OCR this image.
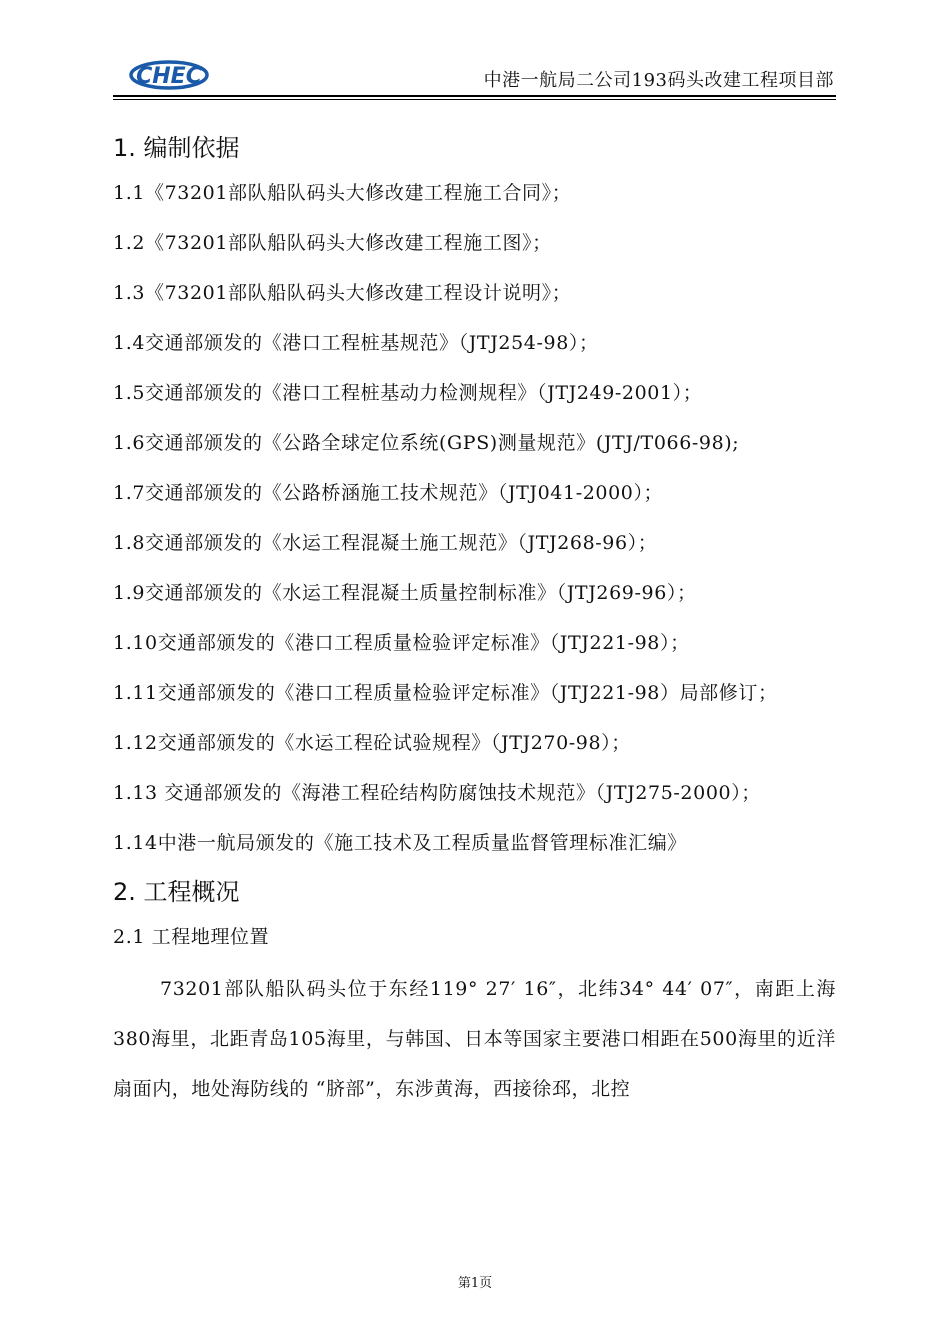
CHEC	中港一航局二公司193码头改建工程项目部
1. 编制依据
1.1《73201部队船队码头大修改建工程施工合同》；
1.2《73201部队船队码头大修改建工程施工图》；
1.3《73201部队船队码头大修改建工程设计说明》；
1.4交通部颁发的《港口工程桩基规范》（JTJ254-98）；
1.5交通部颁发的《港口工程桩基动力检测规程》（JTJ249-2001）；
1.6交通部颁发的《公路全球定位系统(GPS)测量规范》(JTJ/T066-98);
1.7交通部颁发的《公路桥涵施工技术规范》（JTJ041-2000）；
1.8交通部颁发的《水运工程混凝土施工规范》（JTJ268-96）；
1.9交通部颁发的《水运工程混凝土质量控制标准》（JTJ269-96）；
1.10交通部颁发的《港口工程质量检验评定标准》（JTJ221-98）；
1.11交通部颁发的《港口工程质量检验评定标准》（JTJ221-98）局部修订；
1.12交通部颁发的《水运工程砼试验规程》（JTJ270-98）；
1.13 交通部颁发的《海港工程砼结构防腐蚀技术规范》（JTJ275-2000）；
1.14中港一航局颁发的《施工技术及工程质量监督管理标准汇编》
2. 工程概况
2.1 工程地理位置
73201部队船队码头位于东经119° 27′ 16″，北纬34° 44′ 07″，南距上海380海里，北距青岛105海里，与韩国、日本等国家主要港口相距在500海里的近洋扇面内，地处海防线的 “脐部”，东涉黄海，西接徐邳，北控
第1页
